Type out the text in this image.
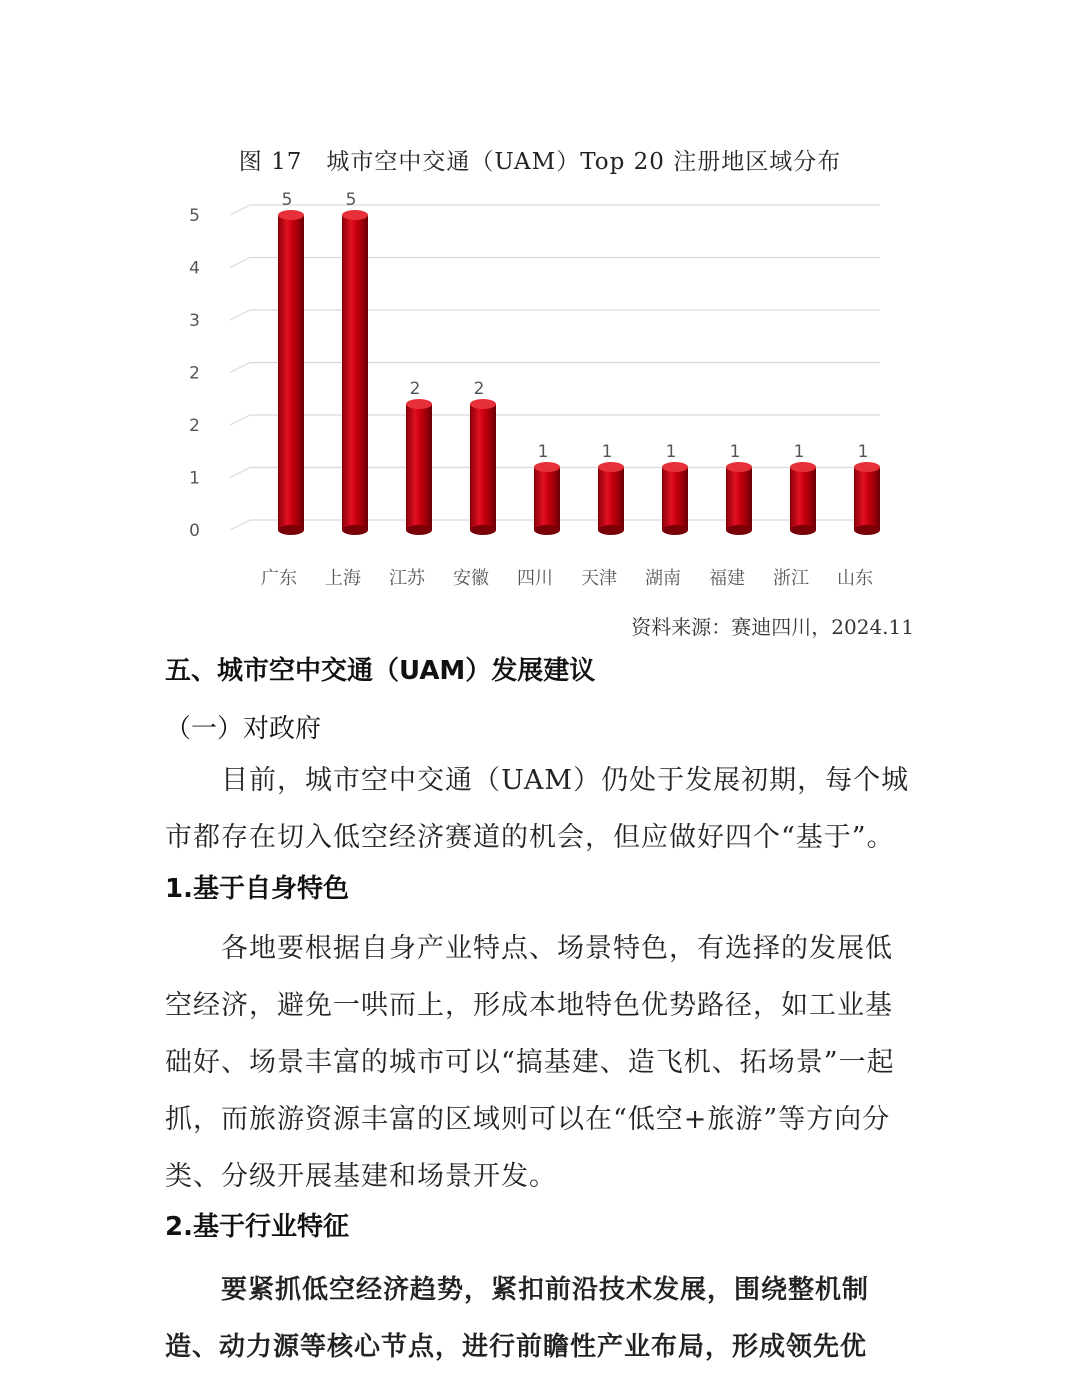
图 17　城市空中交通（UAM）Top 20 注册地区域分布
0
1
2
2
3
4
5
5	5
2	2
1	1	1	1	1	1
广东 上海 江苏 安徽 四川 天津 湖南 福建 浙江 山东
资料来源：赛迪四川，2024.11
五、城市空中交通（UAM）发展建议
（一）对政府
目前，城市空中交通（UAM）仍处于发展初期，每个城市都存在切入低空经济赛道的机会，但应做好四个“基于”。
1.基于自身特色
各地要根据自身产业特点、场景特色，有选择的发展低空经济，避免一哄而上，形成本地特色优势路径，如工业基础好、场景丰富的城市可以“搞基建、造飞机、拓场景”一起抓，而旅游资源丰富的区域则可以在“低空+旅游”等方向分类、分级开展基建和场景开发。
2.基于行业特征
要紧抓低空经济趋势，紧扣前沿技术发展，围绕整机制造、动力源等核心节点，进行前瞻性产业布局，形成领先优
